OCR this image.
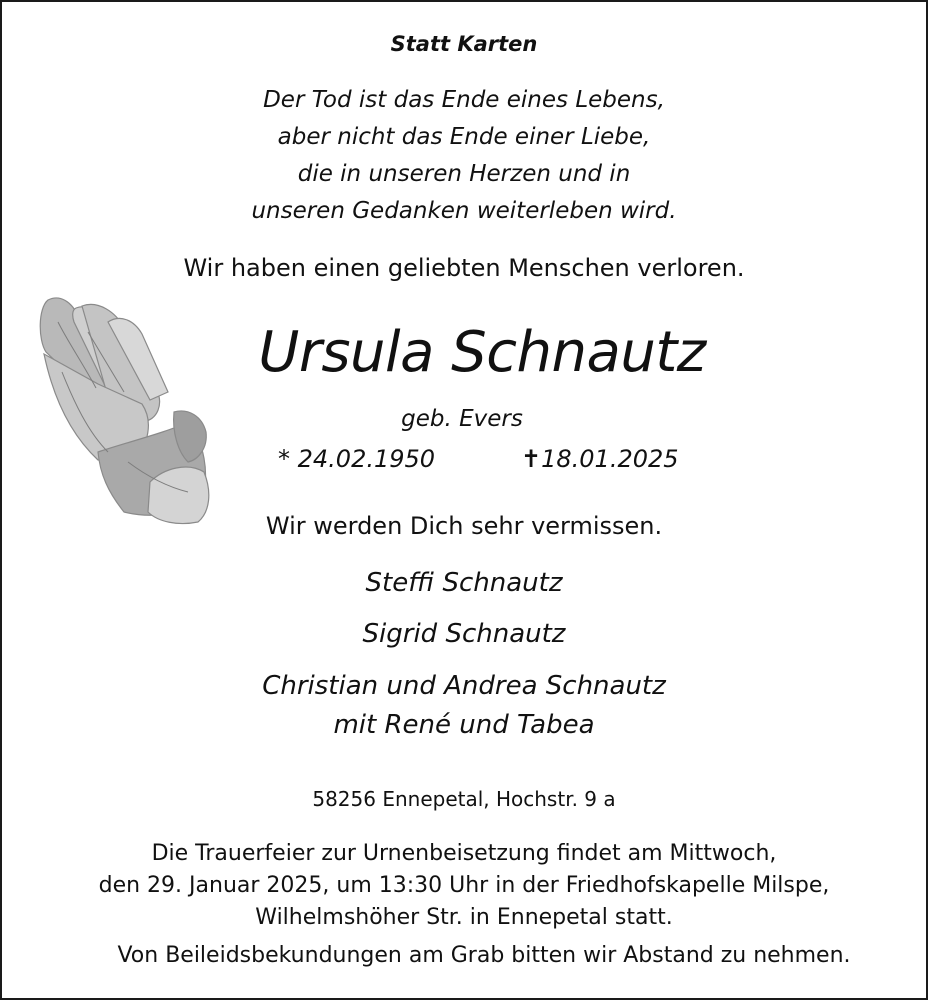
Statt Karten
Der Tod ist das Ende eines Lebens,
aber nicht das Ende einer Liebe,
die in unseren Herzen und in
unseren Gedanken weiterleben wird.
Wir haben einen geliebten Menschen verloren.
Ursula Schnautz
geb. Evers
* 24.02.1950	✝18.01.2025
Wir werden Dich sehr vermissen.
Steffi Schnautz
Sigrid Schnautz
Christian und Andrea Schnautz
mit René und Tabea
58256 Ennepetal, Hochstr. 9 a
Die Trauerfeier zur Urnenbeisetzung findet am Mittwoch,
den 29. Januar 2025, um 13:30 Uhr in der Friedhofskapelle Milspe,
Wilhelmshöher Str. in Ennepetal statt.
Von Beileidsbekundungen am Grab bitten wir Abstand zu nehmen.
